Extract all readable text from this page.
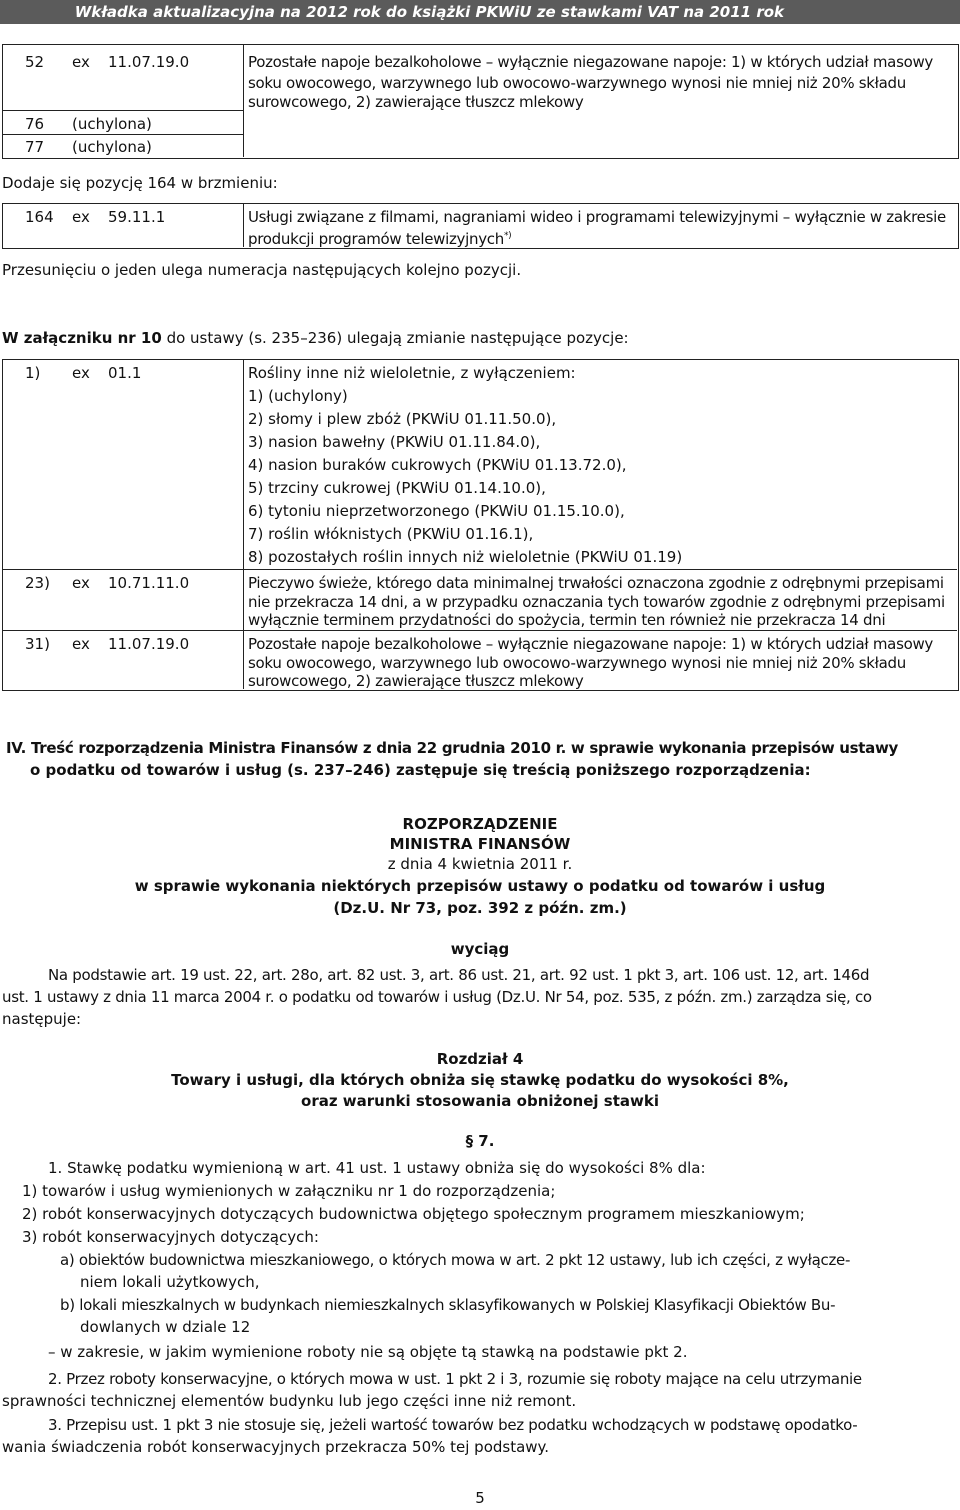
Wkładka aktualizacyjna na 2012 rok do książki PKWiU ze stawkami VAT na 2011 rok
52 ex 11.07.19.0	Pozostałe napoje bezalkoholowe – wyłącznie niegazowane napoje: 1) w których udział masowy
soku owocowego, warzywnego lub owocowo-warzywnego wynosi nie mniej niż 20% składu
surowcowego, 2) zawierające tłuszcz mlekowy
76 (uchylona)
77 (uchylona)
Dodaje się pozycję 164 w brzmieniu:
164 ex 59.11.1	Usługi związane z filmami, nagraniami wideo i programami telewizyjnymi – wyłącznie w zakresie
produkcji programów telewizyjnych*)
Przesunięciu o jeden ulega numeracja następujących kolejno pozycji.
W załączniku nr 10 do ustawy (s. 235–236) ulegają zmianie następujące pozycje:
1) ex 01.1	Rośliny inne niż wieloletnie, z wyłączeniem:
1) (uchylony)
2) słomy i plew zbóż (PKWiU 01.11.50.0),
3) nasion bawełny (PKWiU 01.11.84.0),
4) nasion buraków cukrowych (PKWiU 01.13.72.0),
5) trzciny cukrowej (PKWiU 01.14.10.0),
6) tytoniu nieprzetworzonego (PKWiU 01.15.10.0),
7) roślin włóknistych (PKWiU 01.16.1),
8) pozostałych roślin innych niż wieloletnie (PKWiU 01.19)
23) ex 10.71.11.0	Pieczywo świeże, którego data minimalnej trwałości oznaczona zgodnie z odrębnymi przepisami
nie przekracza 14 dni, a w przypadku oznaczania tych towarów zgodnie z odrębnymi przepisami
wyłącznie terminem przydatności do spożycia, termin ten również nie przekracza 14 dni
31) ex 11.07.19.0	Pozostałe napoje bezalkoholowe – wyłącznie niegazowane napoje: 1) w których udział masowy
soku owocowego, warzywnego lub owocowo-warzywnego wynosi nie mniej niż 20% składu
surowcowego, 2) zawierające tłuszcz mlekowy
IV. Treść rozporządzenia Ministra Finansów z dnia 22 grudnia 2010 r. w sprawie wykonania przepisów ustawy
o podatku od towarów i usług (s. 237–246) zastępuje się treścią poniższego rozporządzenia:
ROZPORZĄDZENIE
MINISTRA FINANSÓW
z dnia 4 kwietnia 2011 r.
w sprawie wykonania niektórych przepisów ustawy o podatku od towarów i usług
(Dz.U. Nr 73, poz. 392 z późn. zm.)
wyciąg
Na podstawie art. 19 ust. 22, art. 28o, art. 82 ust. 3, art. 86 ust. 21, art. 92 ust. 1 pkt 3, art. 106 ust. 12, art. 146d
ust. 1 ustawy z dnia 11 marca 2004 r. o podatku od towarów i usług (Dz.U. Nr 54, poz. 535, z późn. zm.) zarządza się, co
następuje:
Rozdział 4
Towary i usługi, dla których obniża się stawkę podatku do wysokości 8%,
oraz warunki stosowania obniżonej stawki
§ 7.
1. Stawkę podatku wymienioną w art. 41 ust. 1 ustawy obniża się do wysokości 8% dla:
1) towarów i usług wymienionych w załączniku nr 1 do rozporządzenia;
2) robót konserwacyjnych dotyczących budownictwa objętego społecznym programem mieszkaniowym;
3) robót konserwacyjnych dotyczących:
a) obiektów budownictwa mieszkaniowego, o których mowa w art. 2 pkt 12 ustawy, lub ich części, z wyłącze-
niem lokali użytkowych,
b) lokali mieszkalnych w budynkach niemieszkalnych sklasyfikowanych w Polskiej Klasyfikacji Obiektów Bu-
dowlanych w dziale 12
– w zakresie, w jakim wymienione roboty nie są objęte tą stawką na podstawie pkt 2.
2. Przez roboty konserwacyjne, o których mowa w ust. 1 pkt 2 i 3, rozumie się roboty mające na celu utrzymanie
sprawności technicznej elementów budynku lub jego części inne niż remont.
3. Przepisu ust. 1 pkt 3 nie stosuje się, jeżeli wartość towarów bez podatku wchodzących w podstawę opodatko-
wania świadczenia robót konserwacyjnych przekracza 50% tej podstawy.
5
